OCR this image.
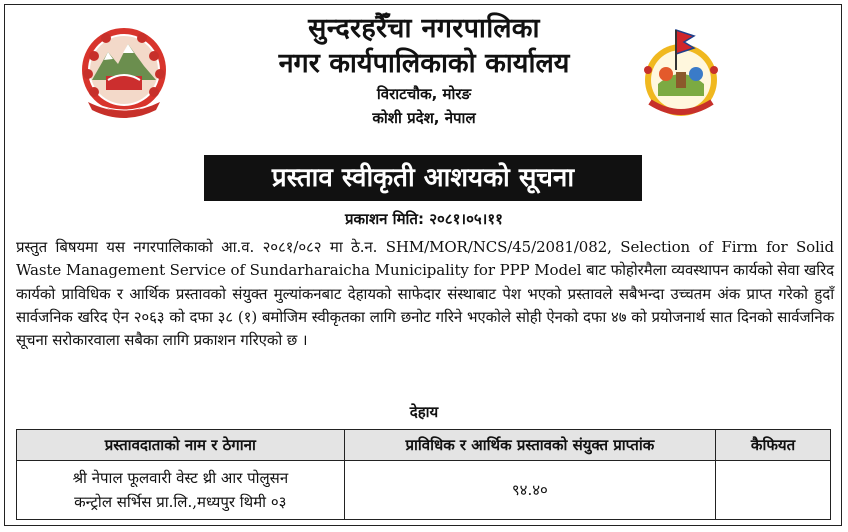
सुन्दरहरैँचा नगरपालिका
नगर कार्यपालिकाको कार्यालय
विराटचौक, मोरङ
कोशी प्रदेश, नेपाल
प्रस्ताव स्वीकृती आशयको सूचना
प्रकाशन मिति: २०८१।०५।११
प्रस्तुत बिषयमा यस नगरपालिकाको आ.व. २०८१/०८२ मा ठे.न. SHM/MOR/NCS/45/2081/082, Selection of Firm for Solid Waste Management Service of Sundarharaicha Municipality for PPP Model बाट फोहोरमैला व्यवस्थापन कार्यको सेवा खरिद कार्यको प्राविधिक र आर्थिक प्रस्तावको संयुक्त मुल्यांकनबाट देहायको साफेदार संस्थाबाट पेश भएको प्रस्तावले सबैभन्दा उच्चतम अंक प्राप्त गरेको हुदाँ सार्वजनिक खरिद ऐन २०६३ को दफा ३८ (१) बमोजिम स्वीकृतका लागि छनोट गरिने भएकोले सोही ऐनको दफा ४७ को प्रयोजनार्थ सात दिनको सार्वजनिक सूचना सरोकारवाला सबैका लागि प्रकाशन गरिएको छ ।
देहाय
प्रस्तावदाताको नाम र ठेगाना	प्राविधिक र आर्थिक प्रस्तावको संयुक्त प्राप्तांक	कैफियत

श्री नेपाल फूलवारी वेस्ट थ्री आर पोलुसन
कन्ट्रोल सर्भिस प्रा.लि.,मध्यपुर थिमी ०३	९४.४०	
